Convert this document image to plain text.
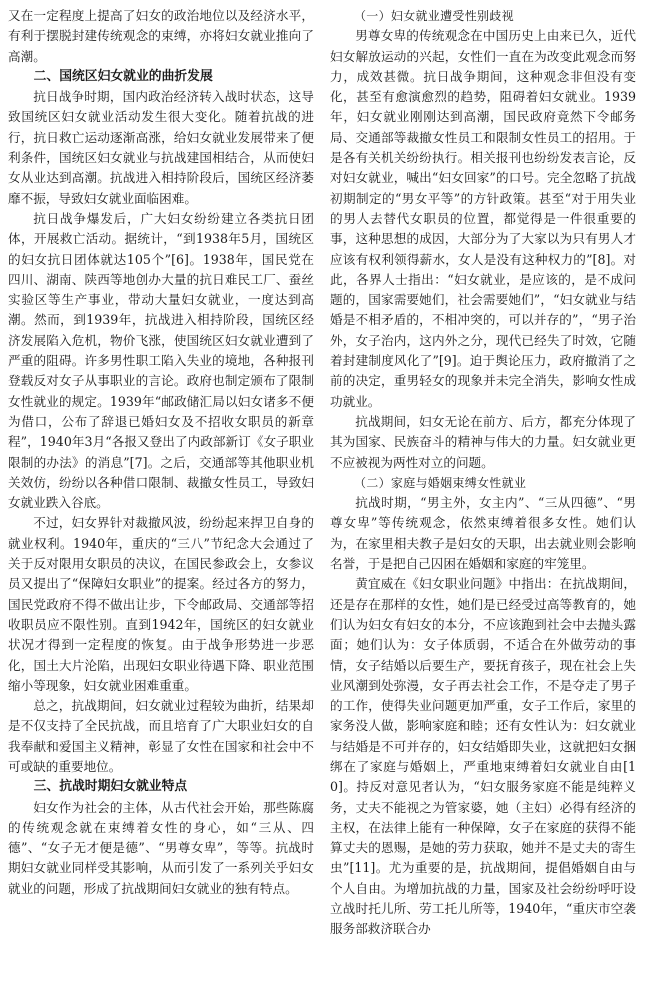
又在一定程度上提高了妇女的政治地位以及经济水平，有利于摆脱封建传统观念的束缚，亦将妇女就业推向了高潮。

二、国统区妇女就业的曲折发展

抗日战争时期，国内政治经济转入战时状态，这导致国统区妇女就业活动发生很大变化。随着抗战的进行，抗日救亡运动逐渐高涨，给妇女就业发展带来了便利条件，国统区妇女就业与抗战建国相结合，从而使妇女从业达到高潮。抗战进入相持阶段后，国统区经济萎靡不振，导致妇女就业面临困难。

抗日战争爆发后，广大妇女纷纷建立各类抗日团体，开展救亡活动。据统计，“到1938年5月，国统区的妇女抗日团体就达105个”[6]。1938年，国民党在四川、湖南、陕西等地创办大量的抗日难民工厂、蚕丝实验区等生产事业，带动大量妇女就业，一度达到高潮。然而，到1939年，抗战进入相持阶段，国统区经济发展陷入危机，物价飞涨，使国统区妇女就业遭到了严重的阻碍。许多男性职工陷入失业的境地，各种报刊登载反对女子从事职业的言论。政府也制定颁布了限制女性就业的规定。1939年“邮政储汇局以妇女诸多不便为借口，公布了辞退已婚妇女及不招收女职员的新章程”，1940年3月“各报又登出了内政部新订《女子职业限制的办法》的消息”[7]。之后，交通部等其他职业机关效仿，纷纷以各种借口限制、裁撤女性员工，导致妇女就业跌入谷底。

不过，妇女界针对裁撤风波，纷纷起来捍卫自身的就业权利。1940年，重庆的“三八”节纪念大会通过了关于反对限用女职员的决议，在国民参政会上，女参议员又提出了“保障妇女职业”的提案。经过各方的努力，国民党政府不得不做出让步，下令邮政局、交通部等招收职员应不限性别。直到1942年，国统区的妇女就业状况才得到一定程度的恢复。由于战争形势进一步恶化，国土大片沦陷，出现妇女职业待遇下降、职业范围缩小等现象，妇女就业困难重重。

总之，抗战期间，妇女就业过程较为曲折，结果却是不仅支持了全民抗战，而且培育了广大职业妇女的自我奉献和爱国主义精神，彰显了女性在国家和社会中不可或缺的重要地位。

三、抗战时期妇女就业特点

妇女作为社会的主体，从古代社会开始，那些陈腐的传统观念就在束缚着女性的身心，如“三从、四德”、“女子无才便是德”、“男尊女卑”，等等。抗战时期妇女就业同样受其影响，从而引发了一系列关乎妇女就业的问题，形成了抗战期间妇女就业的独有特点。

（一）妇女就业遭受性别歧视

男尊女卑的传统观念在中国历史上由来已久，近代妇女解放运动的兴起，女性们一直在为改变此观念而努力，成效甚微。抗日战争期间，这种观念非但没有变化，甚至有愈演愈烈的趋势，阻碍着妇女就业。1939年，妇女就业刚刚达到高潮，国民政府竟然下令邮务局、交通部等裁撤女性员工和限制女性员工的招用。于是各有关机关纷纷执行。相关报刊也纷纷发表言论，反对妇女就业，喊出“妇女回家”的口号。完全忽略了抗战初期制定的“男女平等”的方针政策。甚至“对于用失业的男人去替代女职员的位置，都觉得是一件很重要的事，这种思想的成因，大部分为了大家以为只有男人才应该有权利领得薪水，女人是没有这种权力的”[8]。对此，各界人士指出：“妇女就业，是应该的，是不成问题的，国家需要她们，社会需要她们”，“妇女就业与结婚是不相矛盾的，不相冲突的，可以并存的”，“男子治外，女子治内，这内外之分，现代已经失了时效，它随着封建制度风化了”[9]。迫于舆论压力，政府撤消了之前的决定，重男轻女的现象并未完全消失，影响女性成功就业。

抗战期间，妇女无论在前方、后方，都充分体现了其为国家、民族奋斗的精神与伟大的力量。妇女就业更不应被视为两性对立的问题。

（二）家庭与婚姻束缚女性就业

抗战时期，“男主外，女主内”、“三从四德”、“男尊女卑”等传统观念，依然束缚着很多女性。她们认为，在家里相夫教子是妇女的天职，出去就业则会影响名誉，于是把自己囚困在婚姻和家庭的牢笼里。

黄宜威在《妇女职业问题》中指出：在抗战期间，还是存在那样的女性，她们是已经受过高等教育的，她们认为妇女有妇女的本分，不应该跑到社会中去抛头露面；她们认为：女子体质弱，不适合在外做劳动的事情，女子结婚以后要生产，要抚育孩子，现在社会上失业风潮到处弥漫，女子再去社会工作，不是夺走了男子的工作，使得失业问题更加严重，女子工作后，家里的家务没人做，影响家庭和睦；还有女性认为：妇女就业与结婚是不可并存的，妇女结婚即失业，这就把妇女捆绑在了家庭与婚姻上，严重地束缚着妇女就业自由[10]。持反对意见者认为，“妇女服务家庭不能是纯粹义务，丈夫不能视之为管家婆，她（主妇）必得有经济的主权，在法律上能有一种保障，女子在家庭的获得不能算丈夫的恩赐，是她的劳力获取，她并不是丈夫的寄生虫”[11]。尤为重要的是，抗战期间，提倡婚姻自由与个人自由。为增加抗战的力量，国家及社会纷纷呼吁设立战时托儿所、劳工托儿所等，1940年，“重庆市空袭服务部救济联合办
